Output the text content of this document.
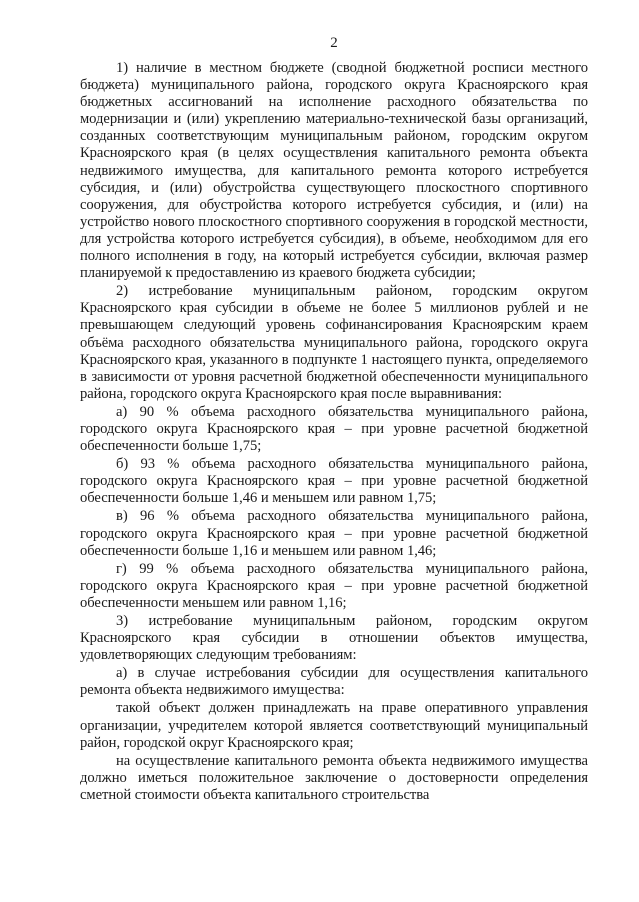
2

1) наличие в местном бюджете (сводной бюджетной росписи местного бюджета) муниципального района, городского округа Красноярского края бюджетных ассигнований на исполнение расходного обязательства по модернизации и (или) укреплению материально-технической базы организаций, созданных соответствующим муниципальным районом, городским округом Красноярского края (в целях осуществления капитального ремонта объекта недвижимого имущества, для капитального ремонта которого истребуется субсидия, и (или) обустройства существующего плоскостного спортивного сооружения, для обустройства которого истребуется субсидия, и (или) на устройство нового плоскостного спортивного сооружения в городской местности, для устройства которого истребуется субсидия), в объеме, необходимом для его полного исполнения в году, на который истребуется субсидии, включая размер планируемой к предоставлению из краевого бюджета субсидии;

2) истребование муниципальным районом, городским округом Красноярского края субсидии в объеме не более 5 миллионов рублей и не превышающем следующий уровень софинансирования Красноярским краем объёма расходного обязательства муниципального района, городского округа Красноярского края, указанного в подпункте 1 настоящего пункта, определяемого в зависимости от уровня расчетной бюджетной обеспеченности муниципального района, городского округа Красноярского края после выравнивания:

а) 90 % объема расходного обязательства муниципального района, городского округа Красноярского края – при уровне расчетной бюджетной обеспеченности больше 1,75;

б) 93 % объема расходного обязательства муниципального района, городского округа Красноярского края – при уровне расчетной бюджетной обеспеченности больше 1,46 и меньшем или равном 1,75;

в) 96 % объема расходного обязательства муниципального района, городского округа Красноярского края – при уровне расчетной бюджетной обеспеченности больше 1,16 и меньшем или равном 1,46;

г) 99 % объема расходного обязательства муниципального района, городского округа Красноярского края – при уровне расчетной бюджетной обеспеченности меньшем или равном 1,16;

3) истребование муниципальным районом, городским округом Красноярского края субсидии в отношении объектов имущества, удовлетворяющих следующим требованиям:

а) в случае истребования субсидии для осуществления капитального ремонта объекта недвижимого имущества:

такой объект должен принадлежать на праве оперативного управления организации, учредителем которой является соответствующий муниципальный район, городской округ Красноярского края;

на осуществление капитального ремонта объекта недвижимого имущества должно иметься положительное заключение о достоверности определения сметной стоимости объекта капитального строительства
